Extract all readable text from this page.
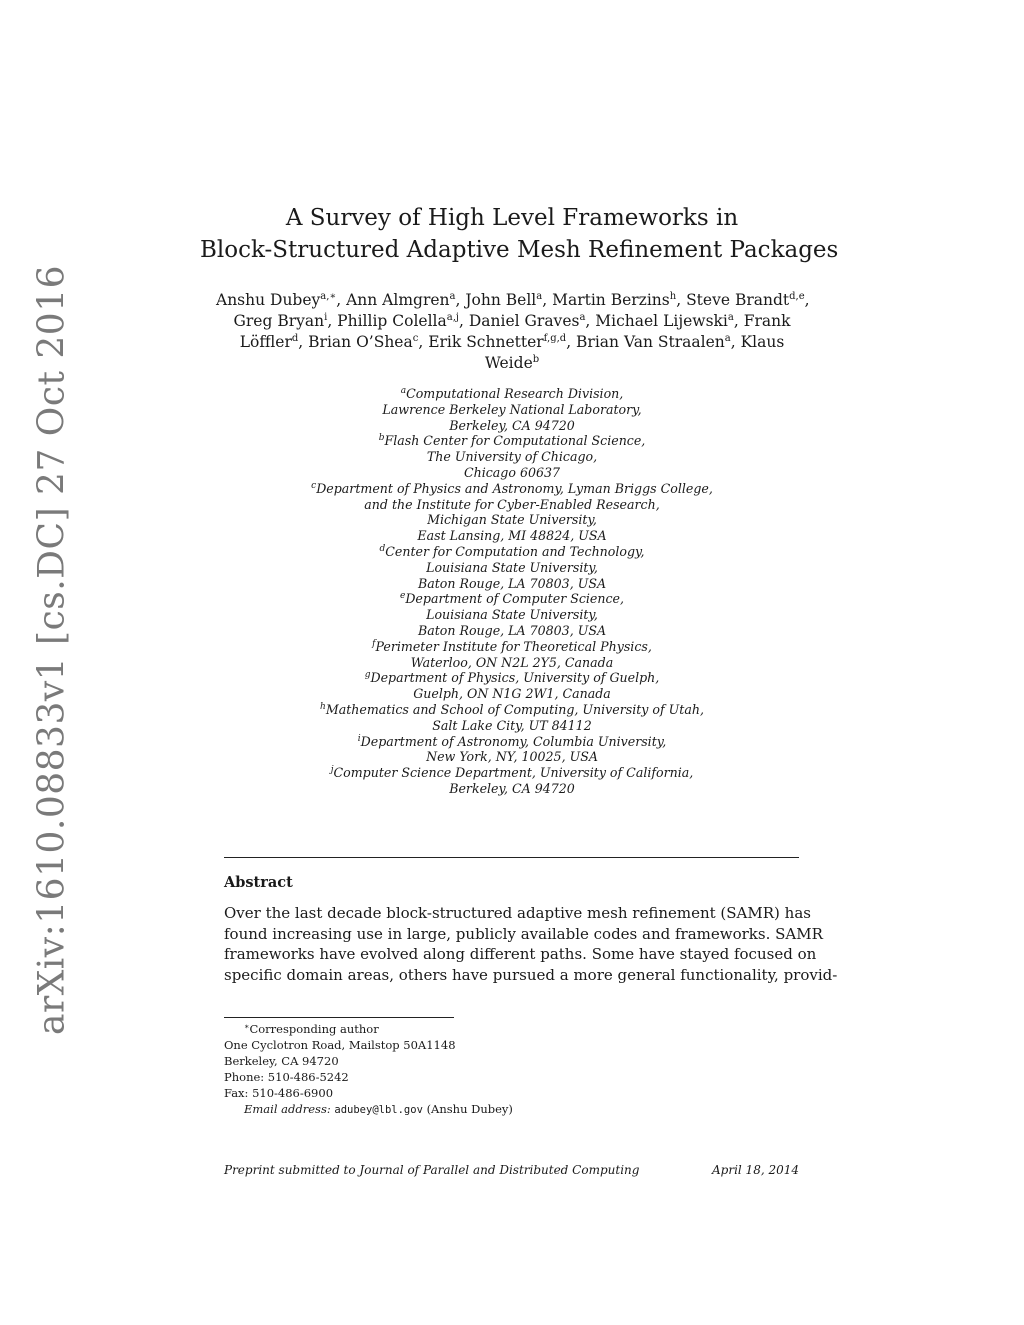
arXiv:1610.08833v1 [cs.DC] 27 Oct 2016
A Survey of High Level Frameworks in
Block-Structured Adaptive Mesh Refinement Packages
Anshu Dubey$^{a,∗}$, Ann Almgren$^a$, John Bell$^a$, Martin Berzins$^h$, Steve Brandt$^{d,e}$,
Greg Bryan$^i$, Phillip Colella$^{a,j}$, Daniel Graves$^a$, Michael Lijewski$^a$, Frank
Löffler$^d$, Brian O’Shea$^c$, Erik Schnetter$^{f,g,d}$, Brian Van Straalen$^a$, Klaus
Weide$^b$
$^a$Computational Research Division,
Lawrence Berkeley National Laboratory,
Berkeley, CA 94720
$^b$Flash Center for Computational Science,
The University of Chicago,
Chicago 60637
$^c$Department of Physics and Astronomy, Lyman Briggs College,
and the Institute for Cyber-Enabled Research,
Michigan State University,
East Lansing, MI 48824, USA
$^d$Center for Computation and Technology,
Louisiana State University,
Baton Rouge, LA 70803, USA
$^e$Department of Computer Science,
Louisiana State University,
Baton Rouge, LA 70803, USA
$^f$Perimeter Institute for Theoretical Physics,
Waterloo, ON N2L 2Y5, Canada
$^g$Department of Physics, University of Guelph,
Guelph, ON N1G 2W1, Canada
$^h$Mathematics and School of Computing, University of Utah,
Salt Lake City, UT 84112
$^i$Department of Astronomy, Columbia University,
New York, NY, 10025, USA
$^j$Computer Science Department, University of California,
Berkeley, CA 94720
Abstract
Over the last decade block-structured adaptive mesh refinement (SAMR) has
found increasing use in large, publicly available codes and frameworks. SAMR
frameworks have evolved along different paths. Some have stayed focused on
specific domain areas, others have pursued a more general functionality, provid-
∗Corresponding author
One Cyclotron Road, Mailstop 50A1148
Berkeley, CA 94720
Phone: 510-486-5242
Fax: 510-486-6900
Email address: adubey@lbl.gov (Anshu Dubey)
Preprint submitted to Journal of Parallel and Distributed Computing	April 18, 2014
